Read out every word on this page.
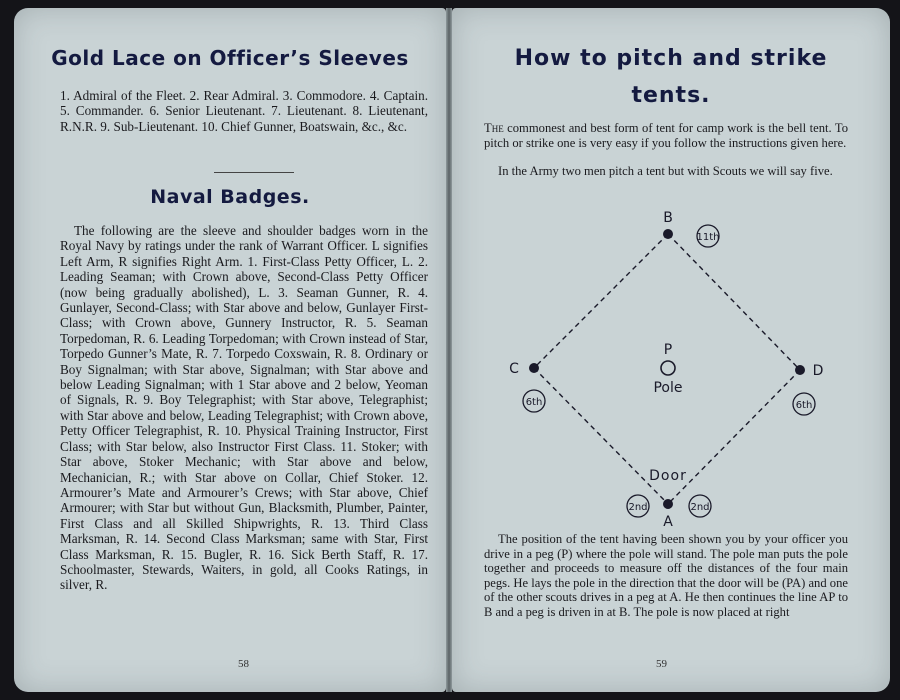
Gold Lace on Officer’s Sleeves
1. Admiral of the Fleet. 2. Rear Admiral. 3. Commodore. 4. Captain. 5. Commander. 6. Senior Lieutenant. 7. Lieutenant. 8. Lieutenant, R.N.R. 9. Sub-Lieutenant. 10. Chief Gunner, Boatswain, &c., &c.
Naval Badges.
The following are the sleeve and shoulder badges worn in the Royal Navy by ratings under the rank of Warrant Officer. L signifies Left Arm, R signifies Right Arm. 1. First-Class Petty Officer, L. 2. Leading Seaman; with Crown above, Second-Class Petty Officer (now being gradually abolished), L. 3. Seaman Gunner, R. 4. Gunlayer, Second-Class; with Star above and below, Gunlayer First-Class; with Crown above, Gunnery Instructor, R. 5. Seaman Torpedoman, R. 6. Leading Torpedoman; with Crown instead of Star, Torpedo Gunner’s Mate, R. 7. Torpedo Coxswain, R. 8. Ordinary or Boy Signalman; with Star above, Signalman; with Star above and below Leading Signalman; with 1 Star above and 2 below, Yeoman of Signals, R. 9. Boy Telegraphist; with Star above, Telegraphist; with Star above and below, Leading Telegraphist; with Crown above, Petty Officer Telegraphist, R. 10. Physical Training Instructor, First Class; with Star below, also Instructor First Class. 11. Stoker; with Star above, Stoker Mechanic; with Star above and below, Mechanician, R.; with Star above on Collar, Chief Stoker. 12. Armourer’s Mate and Armourer’s Crews; with Star above, Chief Armourer; with Star but without Gun, Blacksmith, Plumber, Painter, First Class and all Skilled Shipwrights, R. 13. Third Class Marksman, R. 14. Second Class Marksman; same with Star, First Class Marksman, R. 15. Bugler, R. 16. Sick Berth Staff, R. 17. Schoolmaster, Stewards, Waiters, in gold, all Cooks Ratings, in silver, R.
58
How to pitch and strike
tents.
The commonest and best form of tent for camp work is the bell tent. To pitch or strike one is very easy if you follow the instructions given here.
In the Army two men pitch a tent but with Scouts we will say five.
B
C	D
A
P
Pole
Door
11th
6th	6th
2nd	2nd
The position of the tent having been shown you by your officer you drive in a peg (P) where the pole will stand. The pole man puts the pole together and proceeds to measure off the distances of the four main pegs. He lays the pole in the direction that the door will be (PA) and one of the other scouts drives in a peg at A. He then continues the line AP to B and a peg is driven in at B. The pole is now placed at right
59
